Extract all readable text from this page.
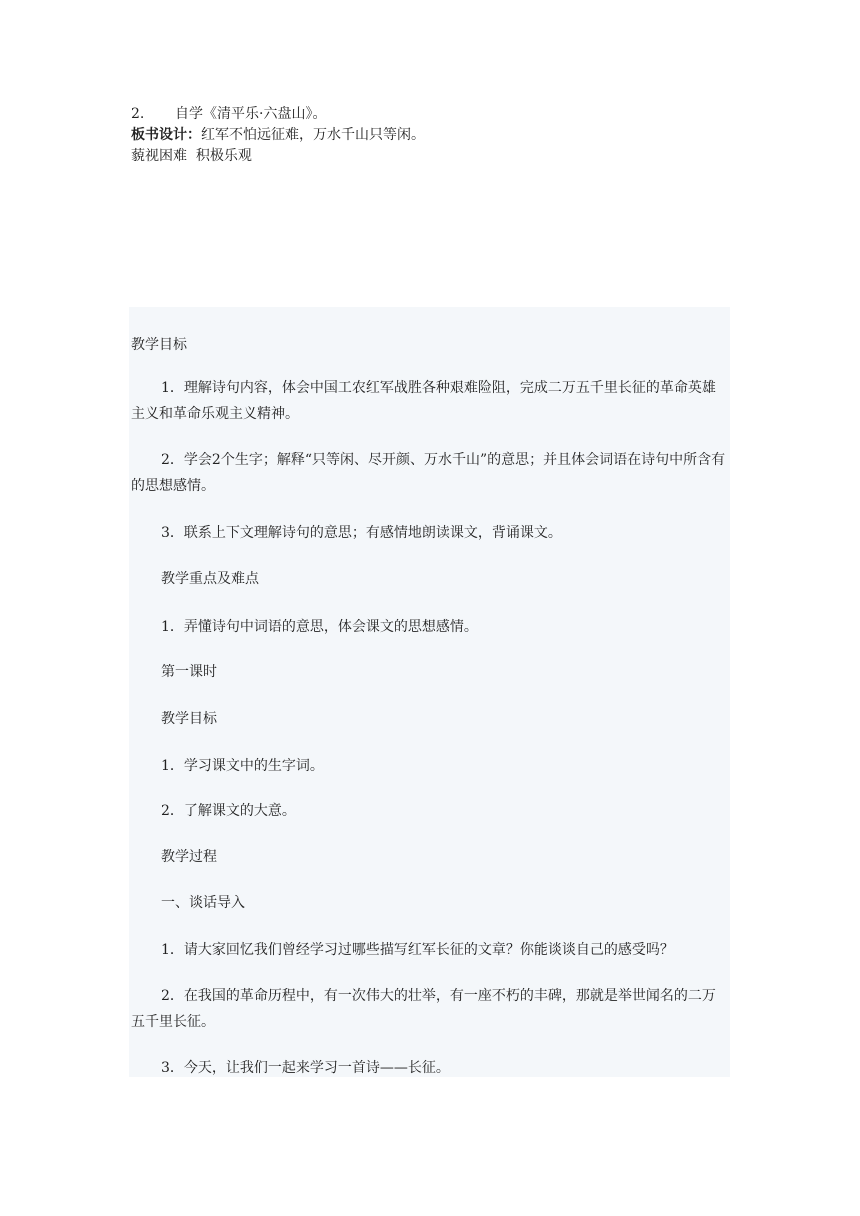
2. 自学《清平乐·六盘山》。
板书设计：红军不怕远征难，万水千山只等闲。
藐视困难  积极乐观
教学目标
1．理解诗句内容，体会中国工农红军战胜各种艰难险阻，完成二万五千里长征的革命英雄主义和革命乐观主义精神。
2．学会2个生字；解释“只等闲、尽开颜、万水千山”的意思；并且体会词语在诗句中所含有的思想感情。
3．联系上下文理解诗句的意思；有感情地朗读课文，背诵课文。
教学重点及难点
1．弄懂诗句中词语的意思，体会课文的思想感情。
第一课时
教学目标
1．学习课文中的生字词。
2．了解课文的大意。
教学过程
一、谈话导入
1．请大家回忆我们曾经学习过哪些描写红军长征的文章？你能谈谈自己的感受吗？
2．在我国的革命历程中，有一次伟大的壮举，有一座不朽的丰碑，那就是举世闻名的二万五千里长征。
3．今天，让我们一起来学习一首诗——长征。
